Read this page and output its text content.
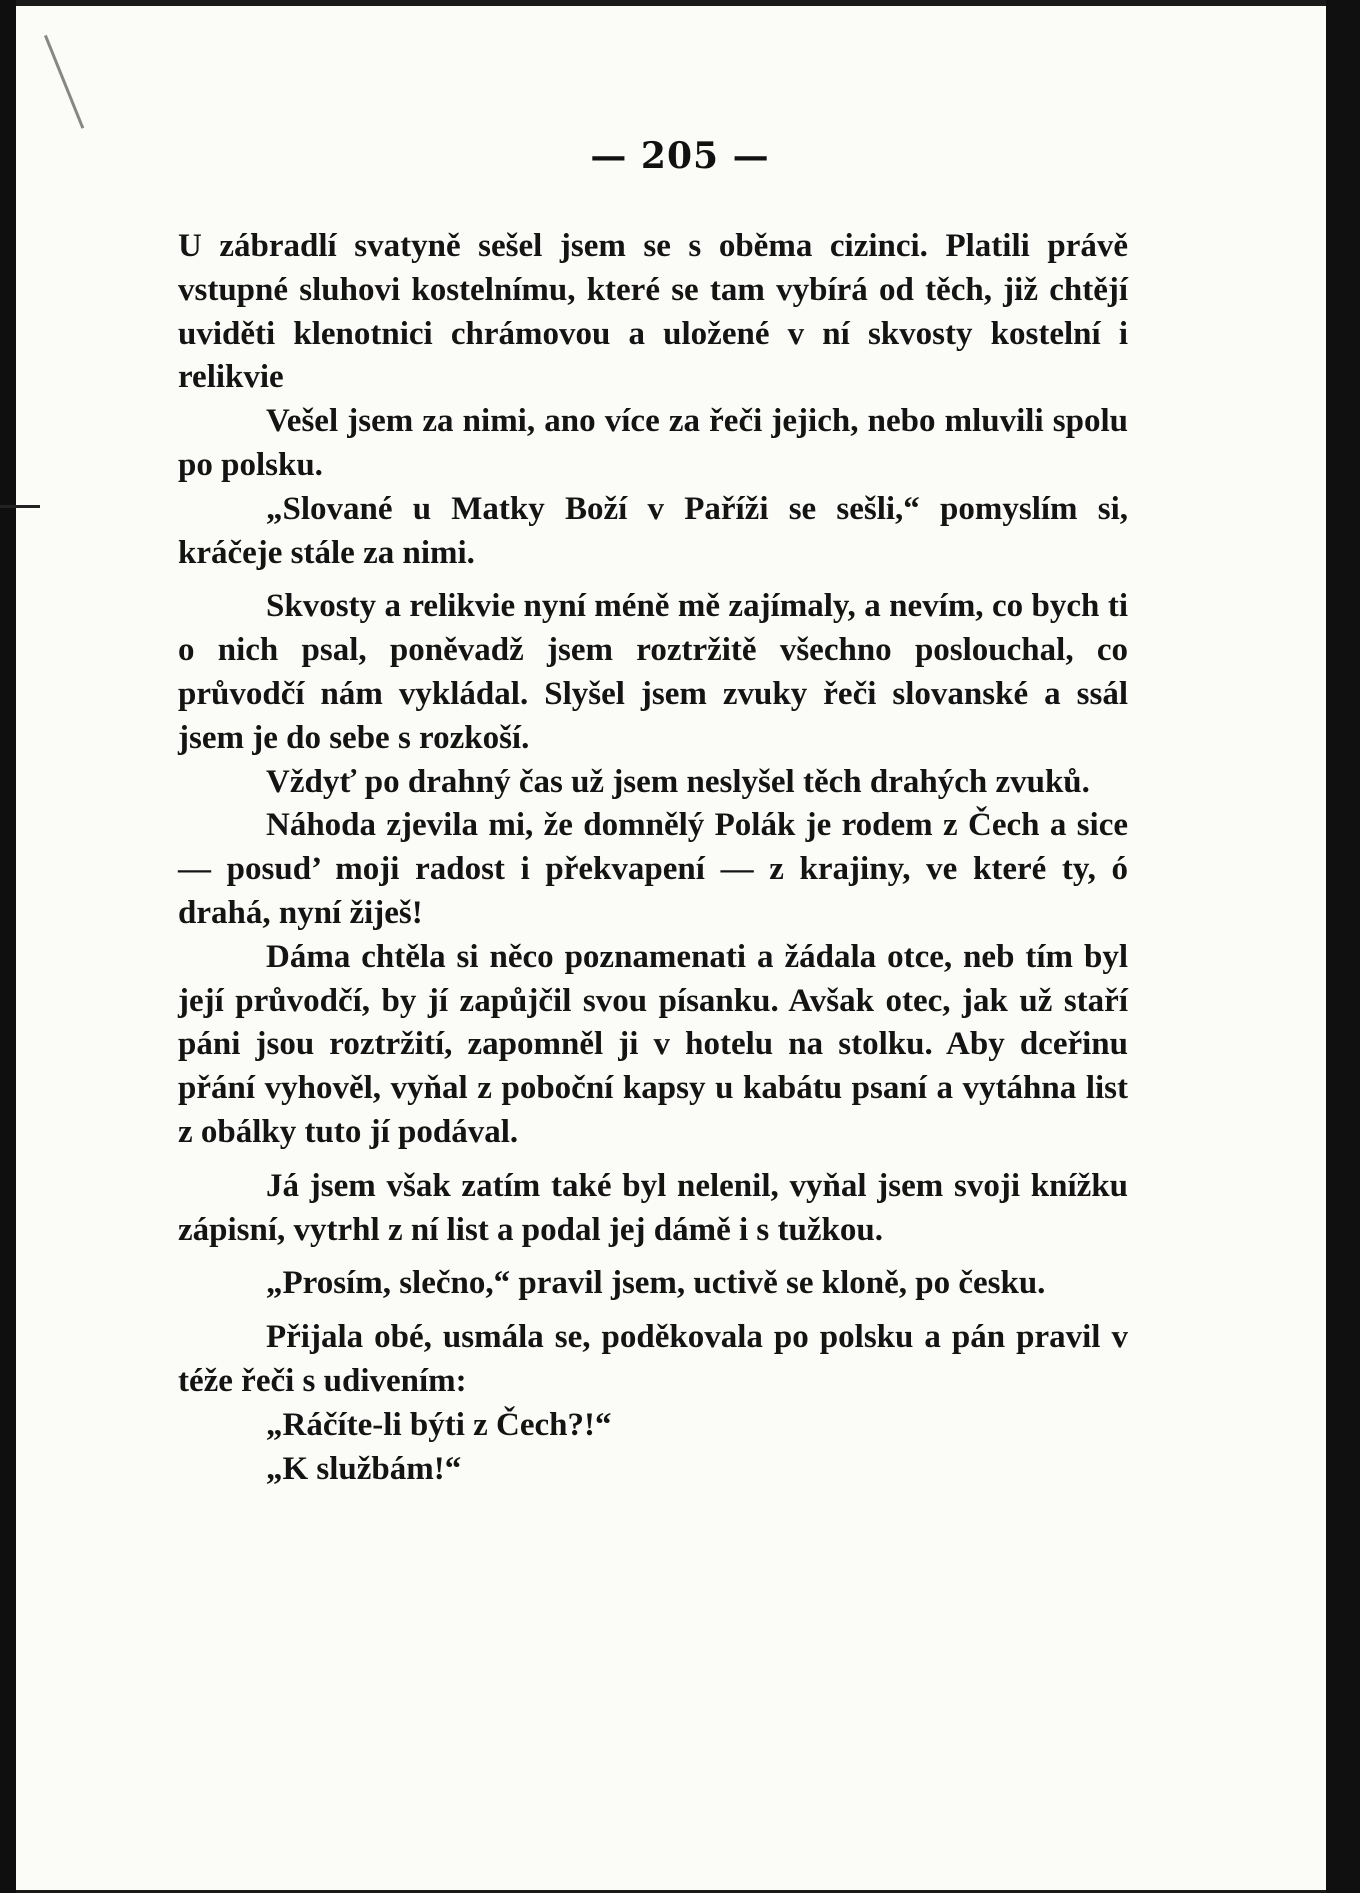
— 205 —

U zábradlí svatyně sešel jsem se s oběma cizinci. Platili právě vstupné sluhovi kostelnímu, které se tam vybírá od těch, již chtějí uviděti klenotnici chrámovou a uložené v ní skvosty kostelní i relikvie

Vešel jsem za nimi, ano více za řeči jejich, nebo mluvili spolu po polsku.

„Slované u Matky Boží v Paříži se sešli,“ pomyslím si, kráčeje stále za nimi.

Skvosty a relikvie nyní méně mě zajímaly, a nevím, co bych ti o nich psal, poněvadž jsem roztržitě všechno poslouchal, co průvodčí nám vykládal. Slyšel jsem zvuky řeči slovanské a ssál jsem je do sebe s rozkoší.

Vždyť po drahný čas už jsem neslyšel těch drahých zvuků.

Náhoda zjevila mi, že domnělý Polák je rodem z Čech a sice — posud’ moji radost i překvapení — z krajiny, ve které ty, ó drahá, nyní žiješ!

Dáma chtěla si něco poznamenati a žádala otce, neb tím byl její průvodčí, by jí zapůjčil svou písanku. Avšak otec, jak už staří páni jsou roztržití, zapomněl ji v hotelu na stolku. Aby dceřinu přání vyhověl, vyňal z poboční kapsy u kabátu psaní a vytáhna list z obálky tuto jí podával.

Já jsem však zatím také byl nelenil, vyňal jsem svoji knížku zápisní, vytrhl z ní list a podal jej dámě i s tužkou.

„Prosím, slečno,“ pravil jsem, uctivě se kloně, po česku.

Přijala obé, usmála se, poděkovala po polsku a pán pravil v téže řeči s udivením:

„Ráčíte-li býti z Čech?!“

„K službám!“
